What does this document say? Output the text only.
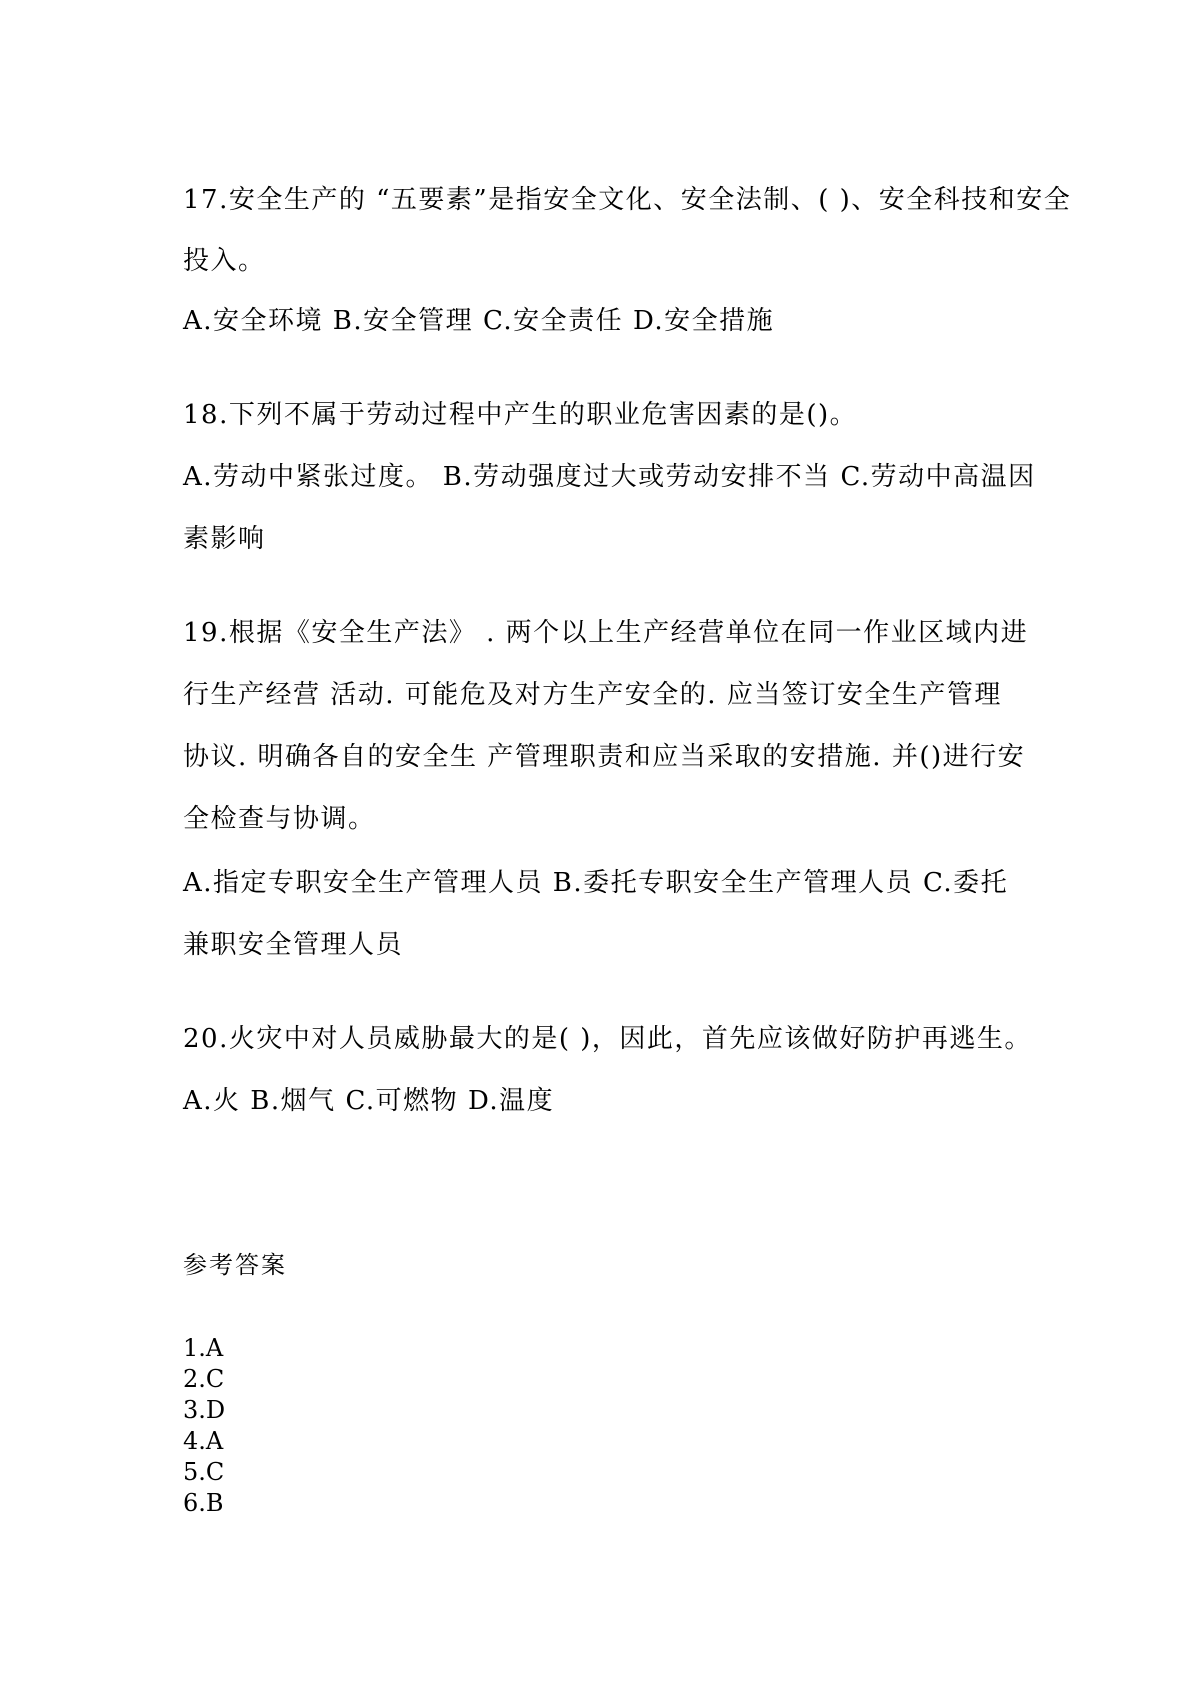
17.安全生产的 “五要素”是指安全文化、安全法制、( )、安全科技和安全
投入。
A.安全环境 B.安全管理 C.安全责任 D.安全措施
18.下列不属于劳动过程中产生的职业危害因素的是()。
A.劳动中紧张过度。 B.劳动强度过大或劳动安排不当 C.劳动中高温因
素影响
19.根据《安全生产法》 . 两个以上生产经营单位在同一作业区域内进
行生产经营 活动. 可能危及对方生产安全的. 应当签订安全生产管理
协议. 明确各自的安全生 产管理职责和应当采取的安措施. 并()进行安
全检查与协调。
A.指定专职安全生产管理人员 B.委托专职安全生产管理人员 C.委托
兼职安全管理人员
20.火灾中对人员威胁最大的是( )，因此，首先应该做好防护再逃生。
A.火 B.烟气 C.可燃物 D.温度
参考答案
1.A
2.C
3.D
4.A
5.C
6.B
